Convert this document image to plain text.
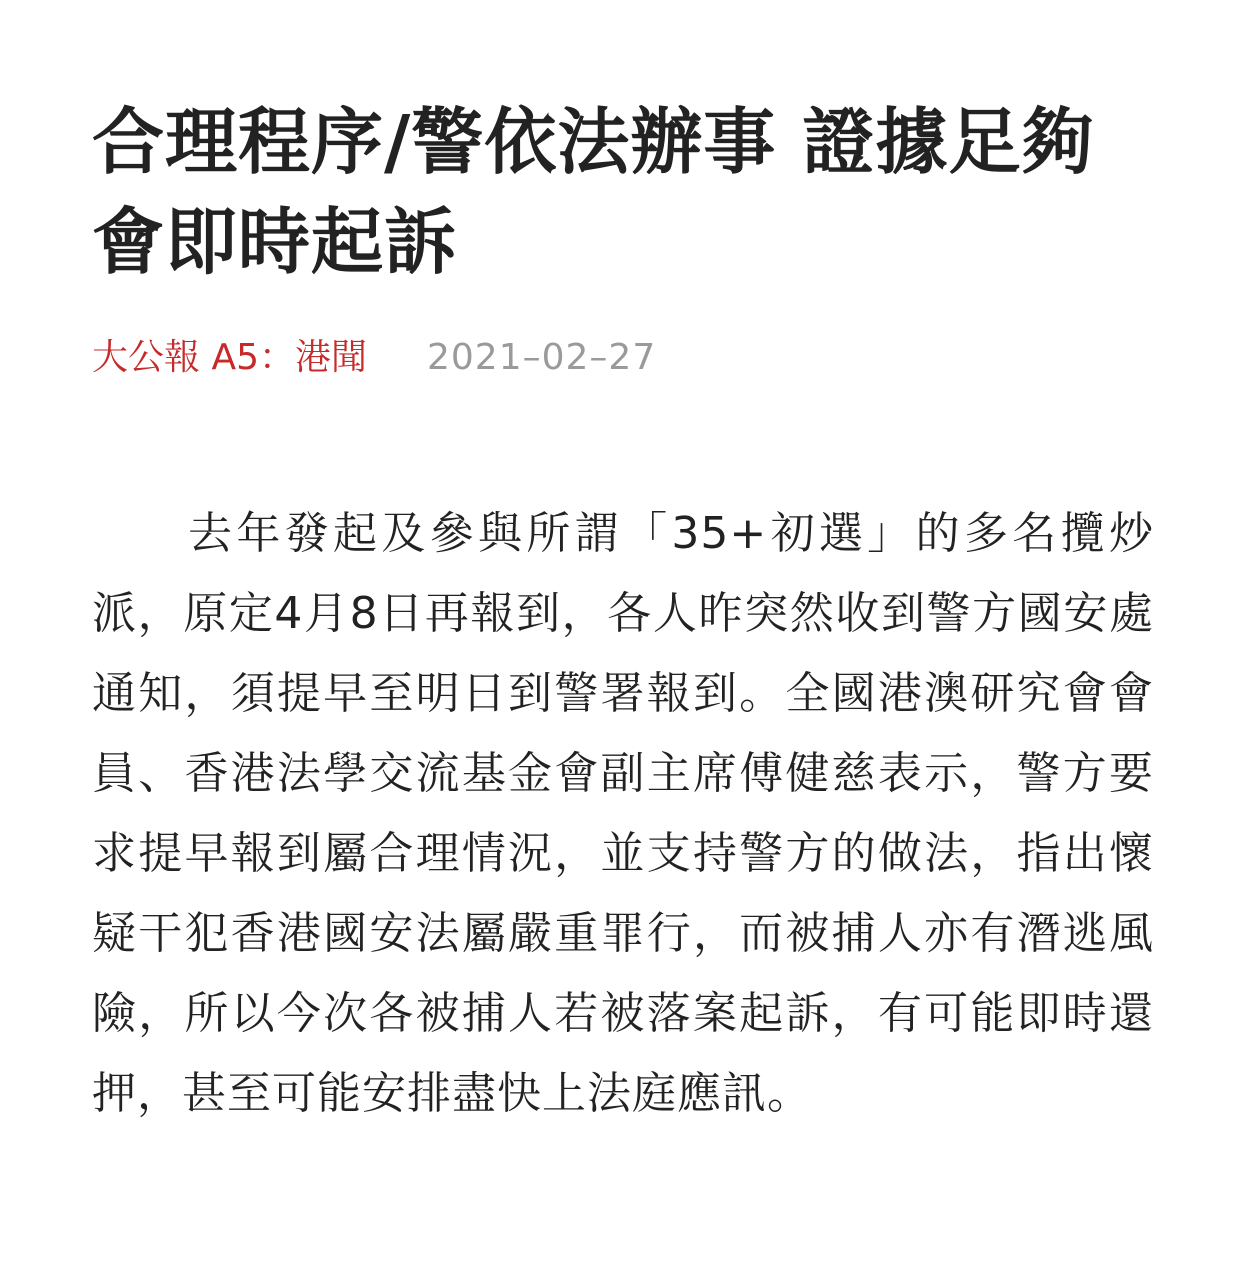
合理程序/警依法辦事 證據足夠會即時起訴
大公報 A5：港聞 2021–02–27

去年發起及參與所謂「35+初選」的多名攬炒派，原定4月8日再報到，各人昨突然收到警方國安處通知，須提早至明日到警署報到。全國港澳研究會會員、香港法學交流基金會副主席傅健慈表示，警方要求提早報到屬合理情況，並支持警方的做法，指出懷疑干犯香港國安法屬嚴重罪行，而被捕人亦有潛逃風險，所以今次各被捕人若被落案起訴，有可能即時還押，甚至可能安排盡快上法庭應訊。
